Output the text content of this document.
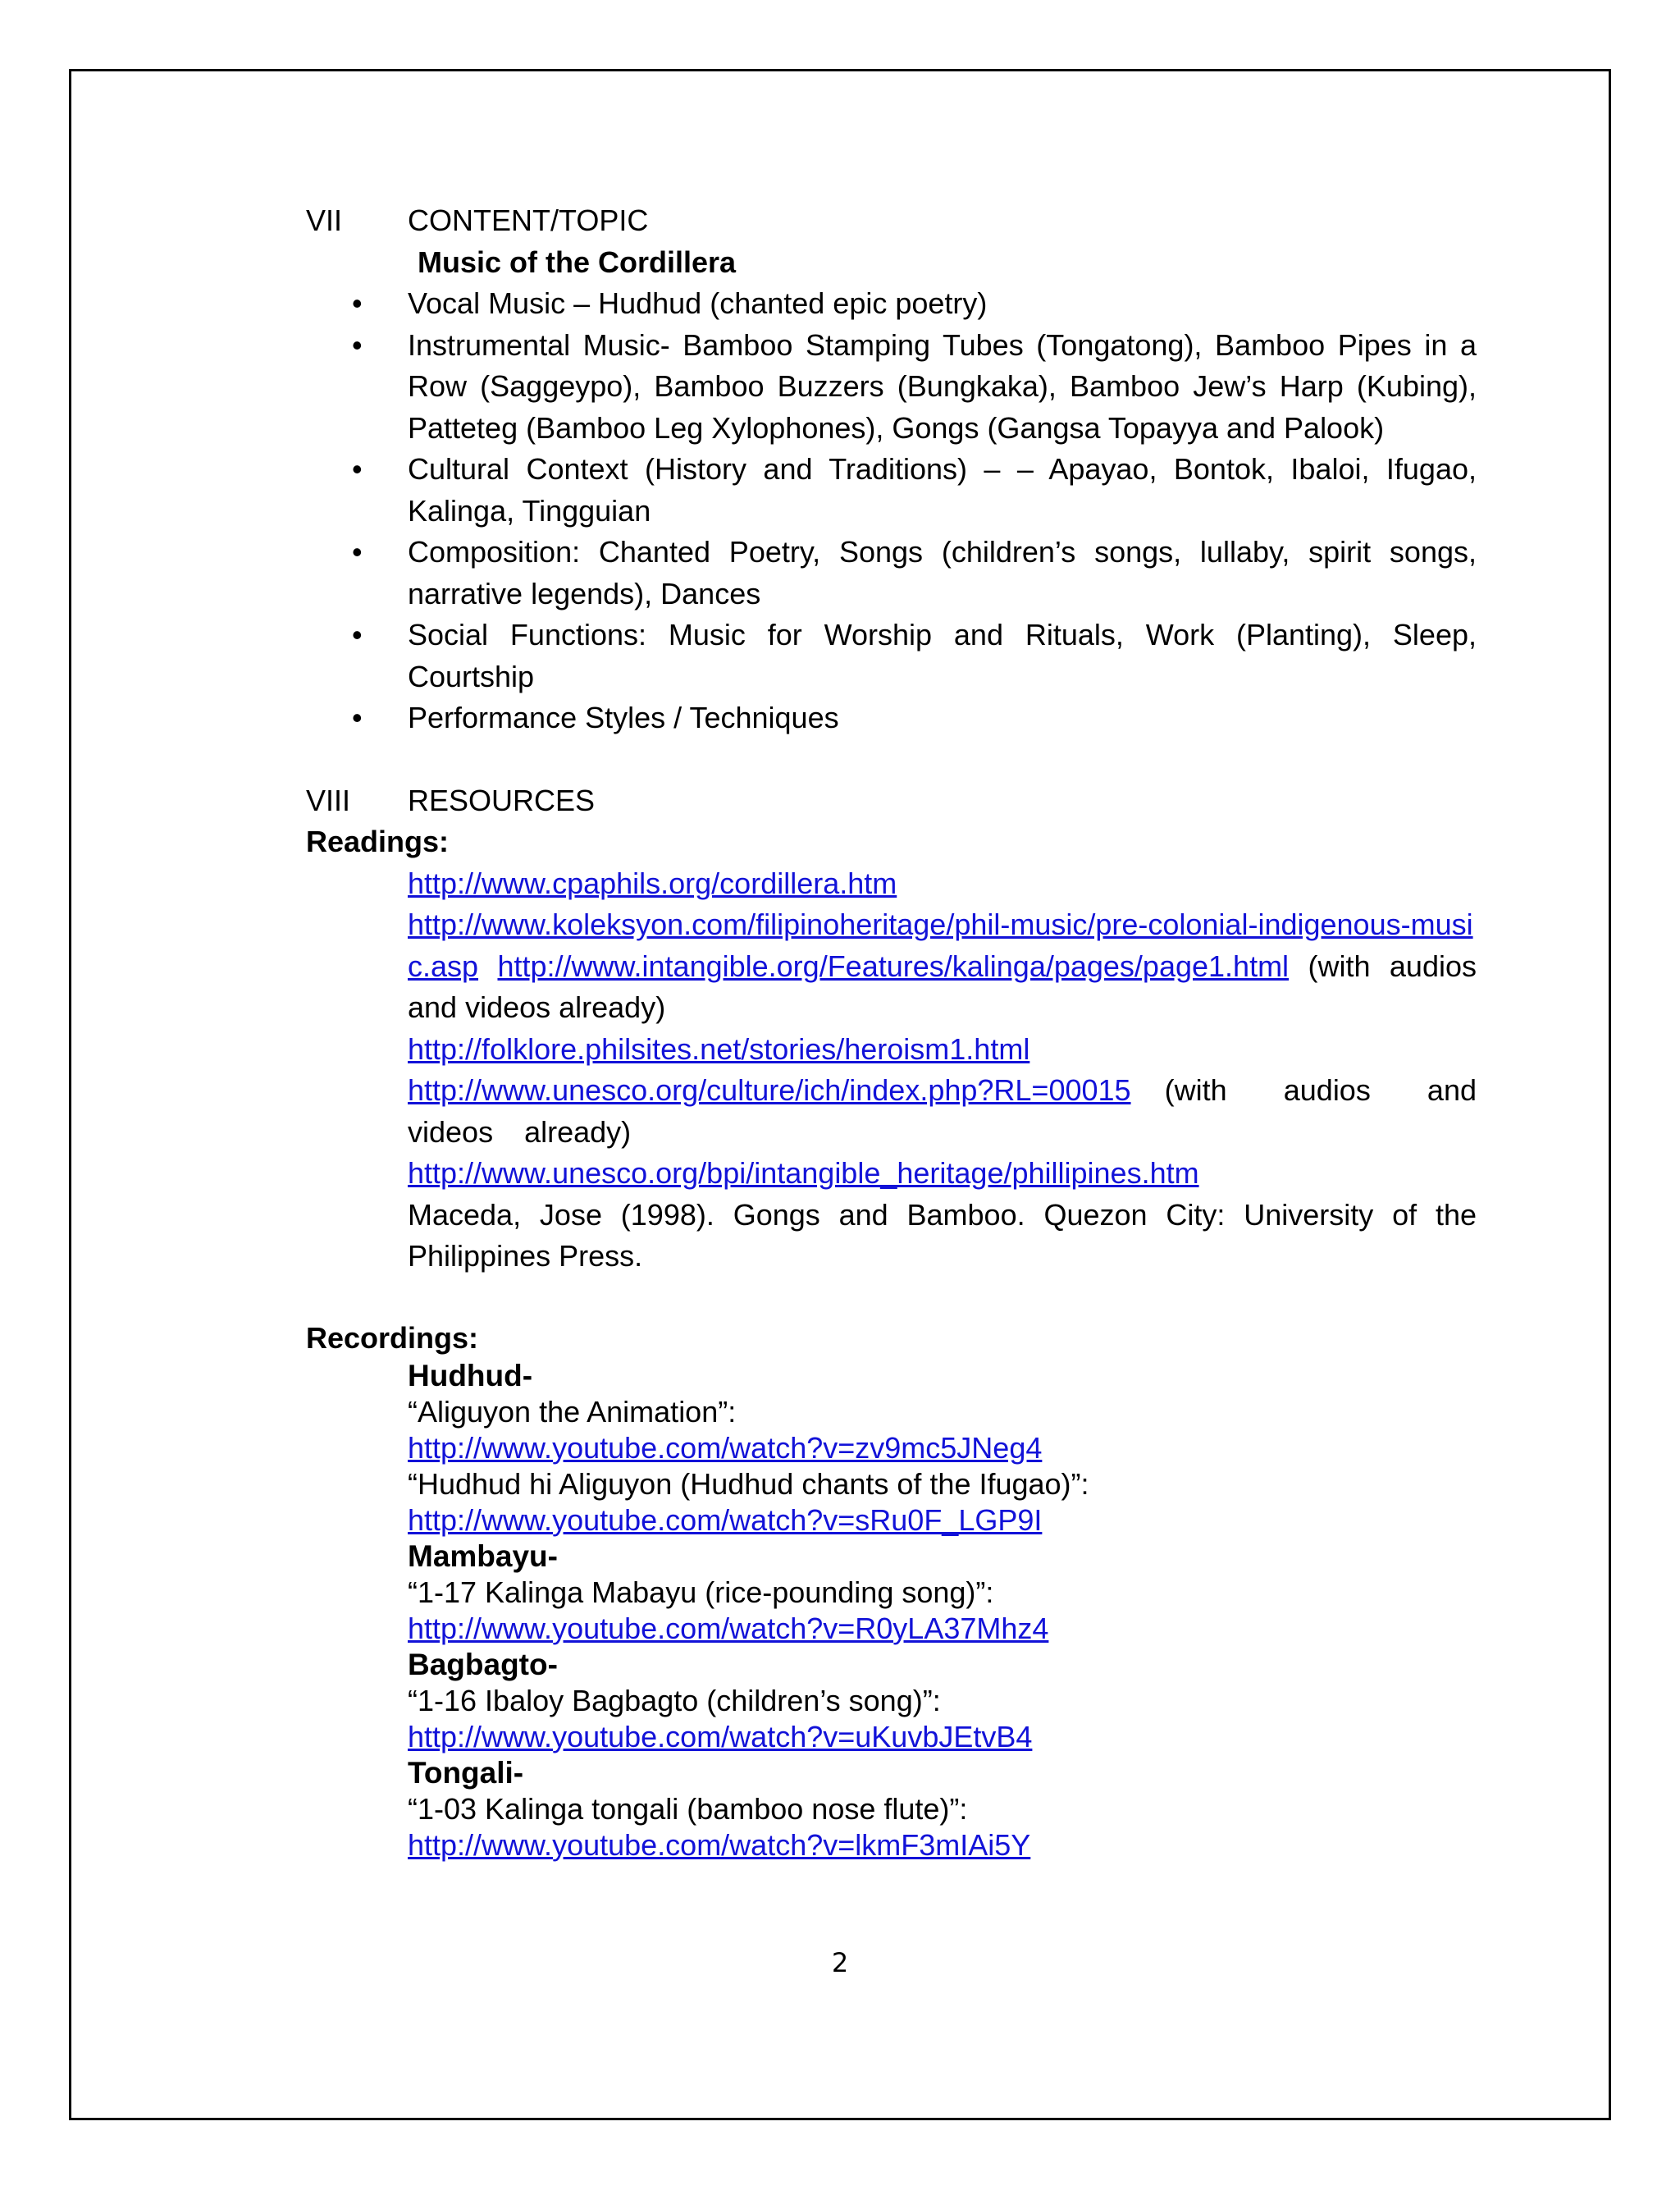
VII	CONTENT/TOPIC
Music of the Cordillera
• Vocal Music – Hudhud (chanted epic poetry)
• Instrumental Music- Bamboo Stamping Tubes (Tongatong), Bamboo Pipes in a Row (Saggeypo), Bamboo Buzzers (Bungkaka), Bamboo Jew’s Harp (Kubing), Patteteg (Bamboo Leg Xylophones), Gongs (Gangsa Topayya and Palook)
• Cultural Context (History and Traditions) – – Apayao, Bontok, Ibaloi, Ifugao, Kalinga, Tingguian
• Composition: Chanted Poetry, Songs (children’s songs, lullaby, spirit songs, narrative legends), Dances
• Social Functions: Music for Worship and Rituals, Work (Planting), Sleep, Courtship
• Performance Styles / Techniques
VIII	RESOURCES
Readings:
http://www.cpaphils.org/cordillera.htm
http://www.koleksyon.com/filipinoheritage/phil-music/pre-colonial-indigenous-music.asp http://www.intangible.org/Features/kalinga/pages/page1.html (with audios and videos already)
http://folklore.philsites.net/stories/heroism1.html
http://www.unesco.org/culture/ich/index.php?RL=00015 (with audios and videos already)
http://www.unesco.org/bpi/intangible_heritage/phillipines.htm
Maceda, Jose (1998). Gongs and Bamboo. Quezon City: University of the Philippines Press.
Recordings:
Hudhud-
“Aliguyon the Animation”:
http://www.youtube.com/watch?v=zv9mc5JNeg4
“Hudhud hi Aliguyon (Hudhud chants of the Ifugao)”:
http://www.youtube.com/watch?v=sRu0F_LGP9I
Mambayu-
“1-17 Kalinga Mabayu (rice-pounding song)”:
http://www.youtube.com/watch?v=R0yLA37Mhz4
Bagbagto-
“1-16 Ibaloy Bagbagto (children’s song)”:
http://www.youtube.com/watch?v=uKuvbJEtvB4
Tongali-
“1-03 Kalinga tongali (bamboo nose flute)”:
http://www.youtube.com/watch?v=lkmF3mIAi5Y
2
